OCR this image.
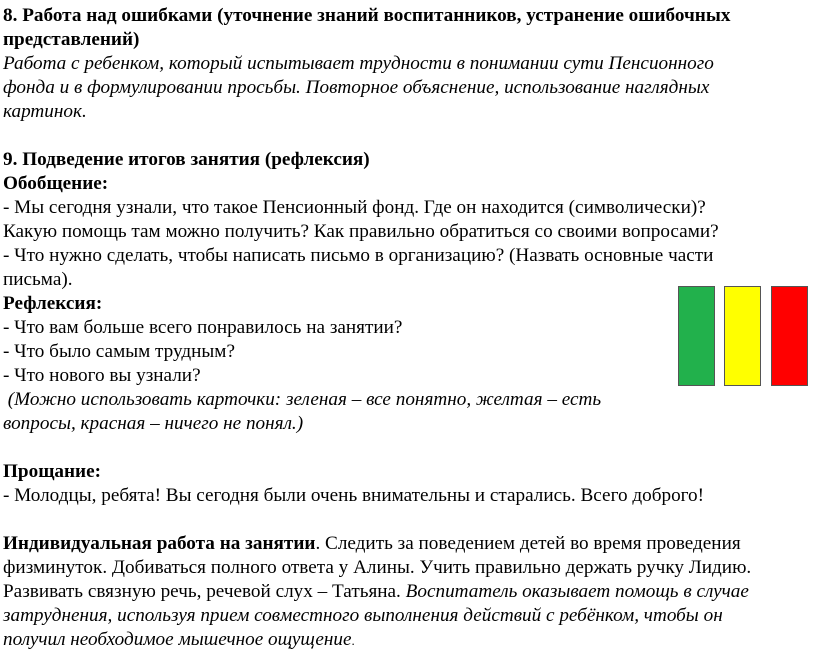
8. Работа над ошибками (уточнение знаний воспитанников, устранение ошибочных
представлений)
Работа с ребенком, который испытывает трудности в понимании сути Пенсионного
фонда и в формулировании просьбы. Повторное объяснение, использование наглядных
картинок.
9. Подведение итогов занятия (рефлексия)
Обобщение:
- Мы сегодня узнали, что такое Пенсионный фонд. Где он находится (символически)?
Какую помощь там можно получить? Как правильно обратиться со своими вопросами?
- Что нужно сделать, чтобы написать письмо в организацию? (Назвать основные части
письма).
Рефлексия:
- Что вам больше всего понравилось на занятии?
- Что было самым трудным?
- Что нового вы узнали?
(Можно использовать карточки: зеленая – все понятно, желтая – есть
вопросы, красная – ничего не понял.)
Прощание:
- Молодцы, ребята! Вы сегодня были очень внимательны и старались. Всего доброго!
Индивидуальная работа на занятии. Следить за поведением детей во время проведения
физминуток. Добиваться полного ответа у Алины. Учить правильно держать ручку Лидию.
Развивать связную речь, речевой слух – Татьяна. Воспитатель оказывает помощь в случае
затруднения, используя прием совместного выполнения действий с ребёнком, чтобы он
получил необходимое мышечное ощущение.
